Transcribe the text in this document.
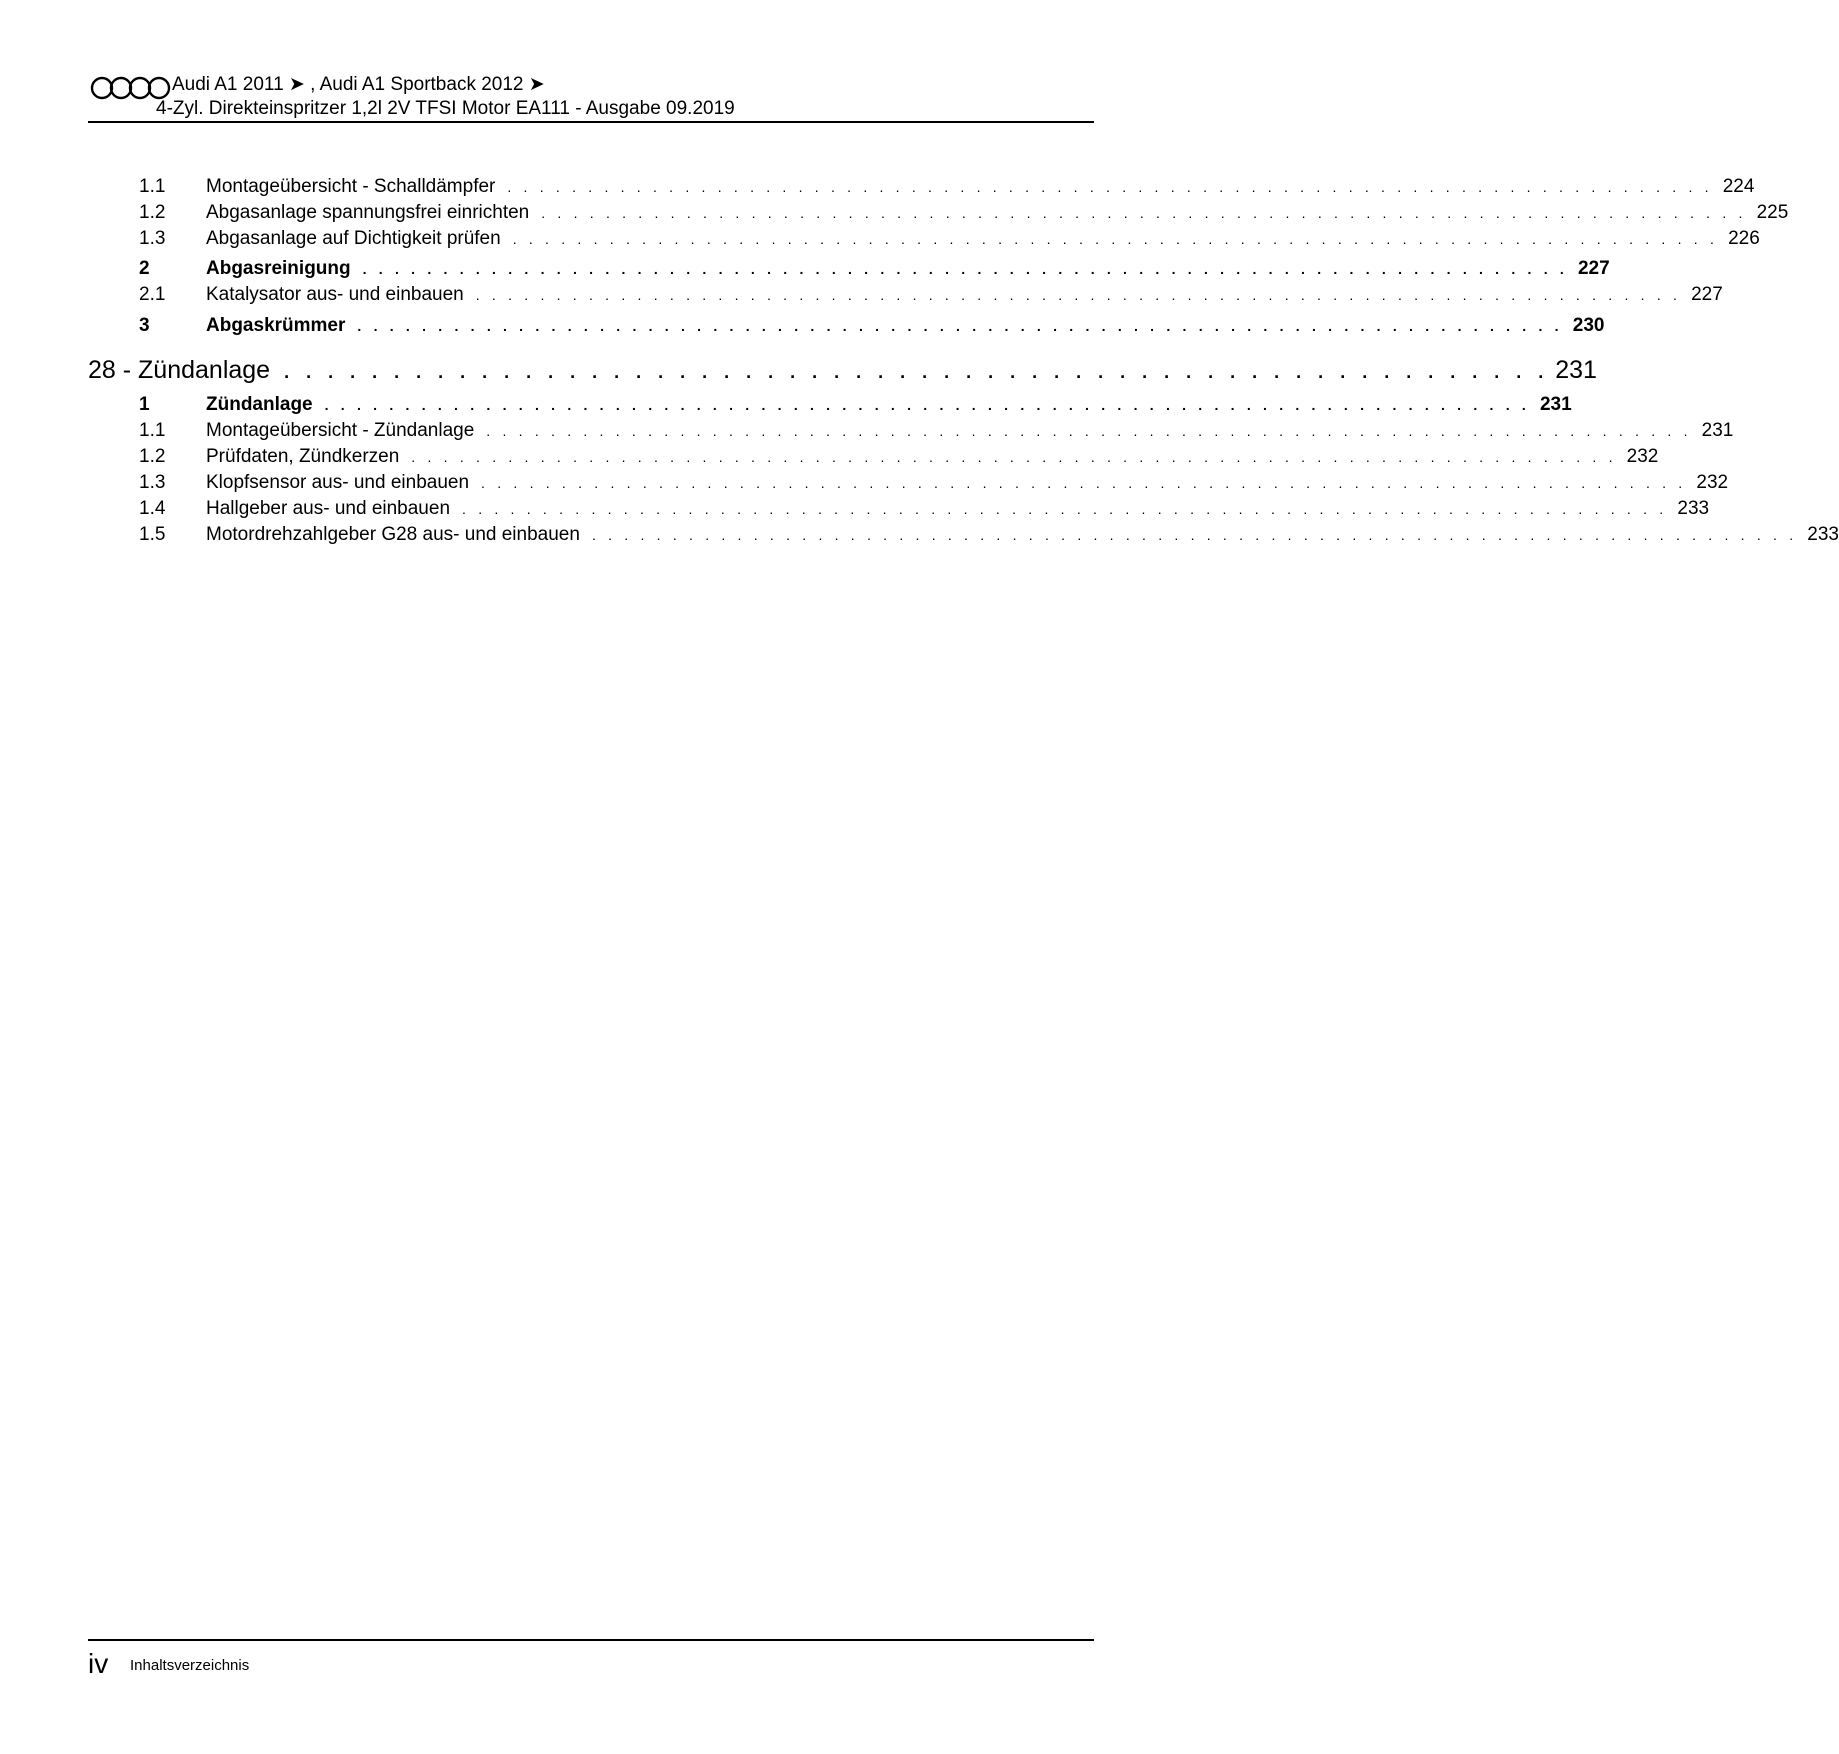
Audi A1 2011 ➤ , Audi A1 Sportback 2012 ➤
4-Zyl. Direkteinspritzer 1,2l 2V TFSI Motor EA111 - Ausgabe 09.2019
1.1 Montageübersicht - Schalldämpfer . . . . . . . . . . . . . . . . . . . . . . . . . . . . . . . . . . . . . . . . . . . . . . . . . . . . . . . . . . . . . . . . . . . . . . . . . . . 224
1.2 Abgasanlage spannungsfrei einrichten . . . . . . . . . . . . . . . . . . . . . . . . . . . . . . . . . . . . . . . . . . . . . . . . . . . . . . . . . . . . . . . . . . . . . . . . . . . 225
1.3 Abgasanlage auf Dichtigkeit prüfen . . . . . . . . . . . . . . . . . . . . . . . . . . . . . . . . . . . . . . . . . . . . . . . . . . . . . . . . . . . . . . . . . . . . . . . . . . . 226
2	Abgasreinigung . . . . . . . . . . . . . . . . . . . . . . . . . . . . . . . . . . . . . . . . . . . . . . . . . . . . . . . . . . . . . . . . . . . . . . . . . . . 227
2.1 Katalysator aus- und einbauen . . . . . . . . . . . . . . . . . . . . . . . . . . . . . . . . . . . . . . . . . . . . . . . . . . . . . . . . . . . . . . . . . . . . . . . . . . . 227
3	Abgaskrümmer . . . . . . . . . . . . . . . . . . . . . . . . . . . . . . . . . . . . . . . . . . . . . . . . . . . . . . . . . . . . . . . . . . . . . . . . . . . 230
28 - Zündanlage . . . . . . . . . . . . . . . . . . . . . . . . . . . . . . . . . . . . . . . . . . . . . . . . . . . . . . . . . . 231
1	Zündanlage . . . . . . . . . . . . . . . . . . . . . . . . . . . . . . . . . . . . . . . . . . . . . . . . . . . . . . . . . . . . . . . . . . . . . . . . . . . 231
1.1 Montageübersicht - Zündanlage . . . . . . . . . . . . . . . . . . . . . . . . . . . . . . . . . . . . . . . . . . . . . . . . . . . . . . . . . . . . . . . . . . . . . . . . . . . 231
1.2 Prüfdaten, Zündkerzen . . . . . . . . . . . . . . . . . . . . . . . . . . . . . . . . . . . . . . . . . . . . . . . . . . . . . . . . . . . . . . . . . . . . . . . . . . . 232
1.3 Klopfsensor aus- und einbauen . . . . . . . . . . . . . . . . . . . . . . . . . . . . . . . . . . . . . . . . . . . . . . . . . . . . . . . . . . . . . . . . . . . . . . . . . . . 232
1.4 Hallgeber aus- und einbauen . . . . . . . . . . . . . . . . . . . . . . . . . . . . . . . . . . . . . . . . . . . . . . . . . . . . . . . . . . . . . . . . . . . . . . . . . . . 233
1.5 Motordrehzahlgeber G28 aus- und einbauen . . . . . . . . . . . . . . . . . . . . . . . . . . . . . . . . . . . . . . . . . . . . . . . . . . . . . . . . . . . . . . . . . . . . . . . . . . . 233
iv Inhaltsverzeichnis
